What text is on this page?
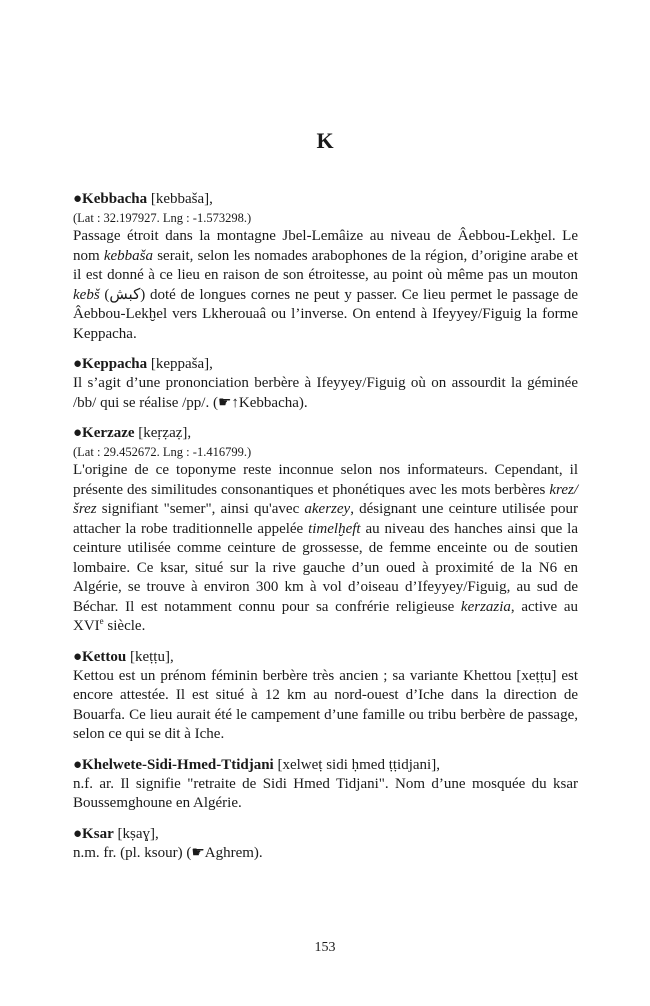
K
●Kebbacha [kebbaša],
(Lat : 32.197927. Lng : -1.573298.)
Passage étroit dans la montagne Jbel-Lemâize au niveau de Âebbou-Lekḫel. Le nom kebbaša serait, selon les nomades arabophones de la région, d’origine arabe et il est donné à ce lieu en raison de son étroitesse, au point où même pas un mouton kebš (كبش) doté de longues cornes ne peut y passer. Ce lieu permet le passage de Âebbou-Lekḫel vers Lkherouaâ ou l’inverse. On entend à Ifeyyey/Figuig la forme Keppacha.
●Keppacha [keppaša],
Il s’agit d’une prononciation berbère à Ifeyyey/Figuig où on assourdit la géminée /bb/ qui se réalise /pp/. (☛↑Kebbacha).
●Kerzaze [keṛẓaẓ],
(Lat : 29.452672. Lng : -1.416799.)
L'origine de ce toponyme reste inconnue selon nos informateurs. Cependant, il présente des similitudes consonantiques et phonétiques avec les mots berbères krez/šrez signifiant "semer", ainsi qu'avec akerzey, désignant une ceinture utilisée pour attacher la robe traditionnelle appelée timelḫeft au niveau des hanches ainsi que la ceinture utilisée comme ceinture de grossesse, de femme enceinte ou de soutien lombaire. Ce ksar, situé sur la rive gauche d’un oued à proximité de la N6 en Algérie, se trouve à environ 300 km à vol d’oiseau d’Ifeyyey/Figuig, au sud de Béchar. Il est notamment connu pour sa confrérie religieuse kerzazia, active au XVIe siècle.
●Kettou [keṭṭu],
Kettou est un prénom féminin berbère très ancien ; sa variante Khettou [xeṭṭu] est encore attestée. Il est situé à 12 km au nord-ouest d’Iche dans la direction de Bouarfa. Ce lieu aurait été le campement d’une famille ou tribu berbère de passage, selon ce qui se dit à Iche.
●Khelwete-Sidi-Hmed-Ttidjani [xelweṭ sidi ḥmed ṭṭidjani],
n.f. ar. Il signifie "retraite de Sidi Hmed Tidjani". Nom d’une mosquée du ksar Boussemghoune en Algérie.
●Ksar [kṣaɣ],
n.m. fr. (pl. ksour) (☛Aghrem).
153
